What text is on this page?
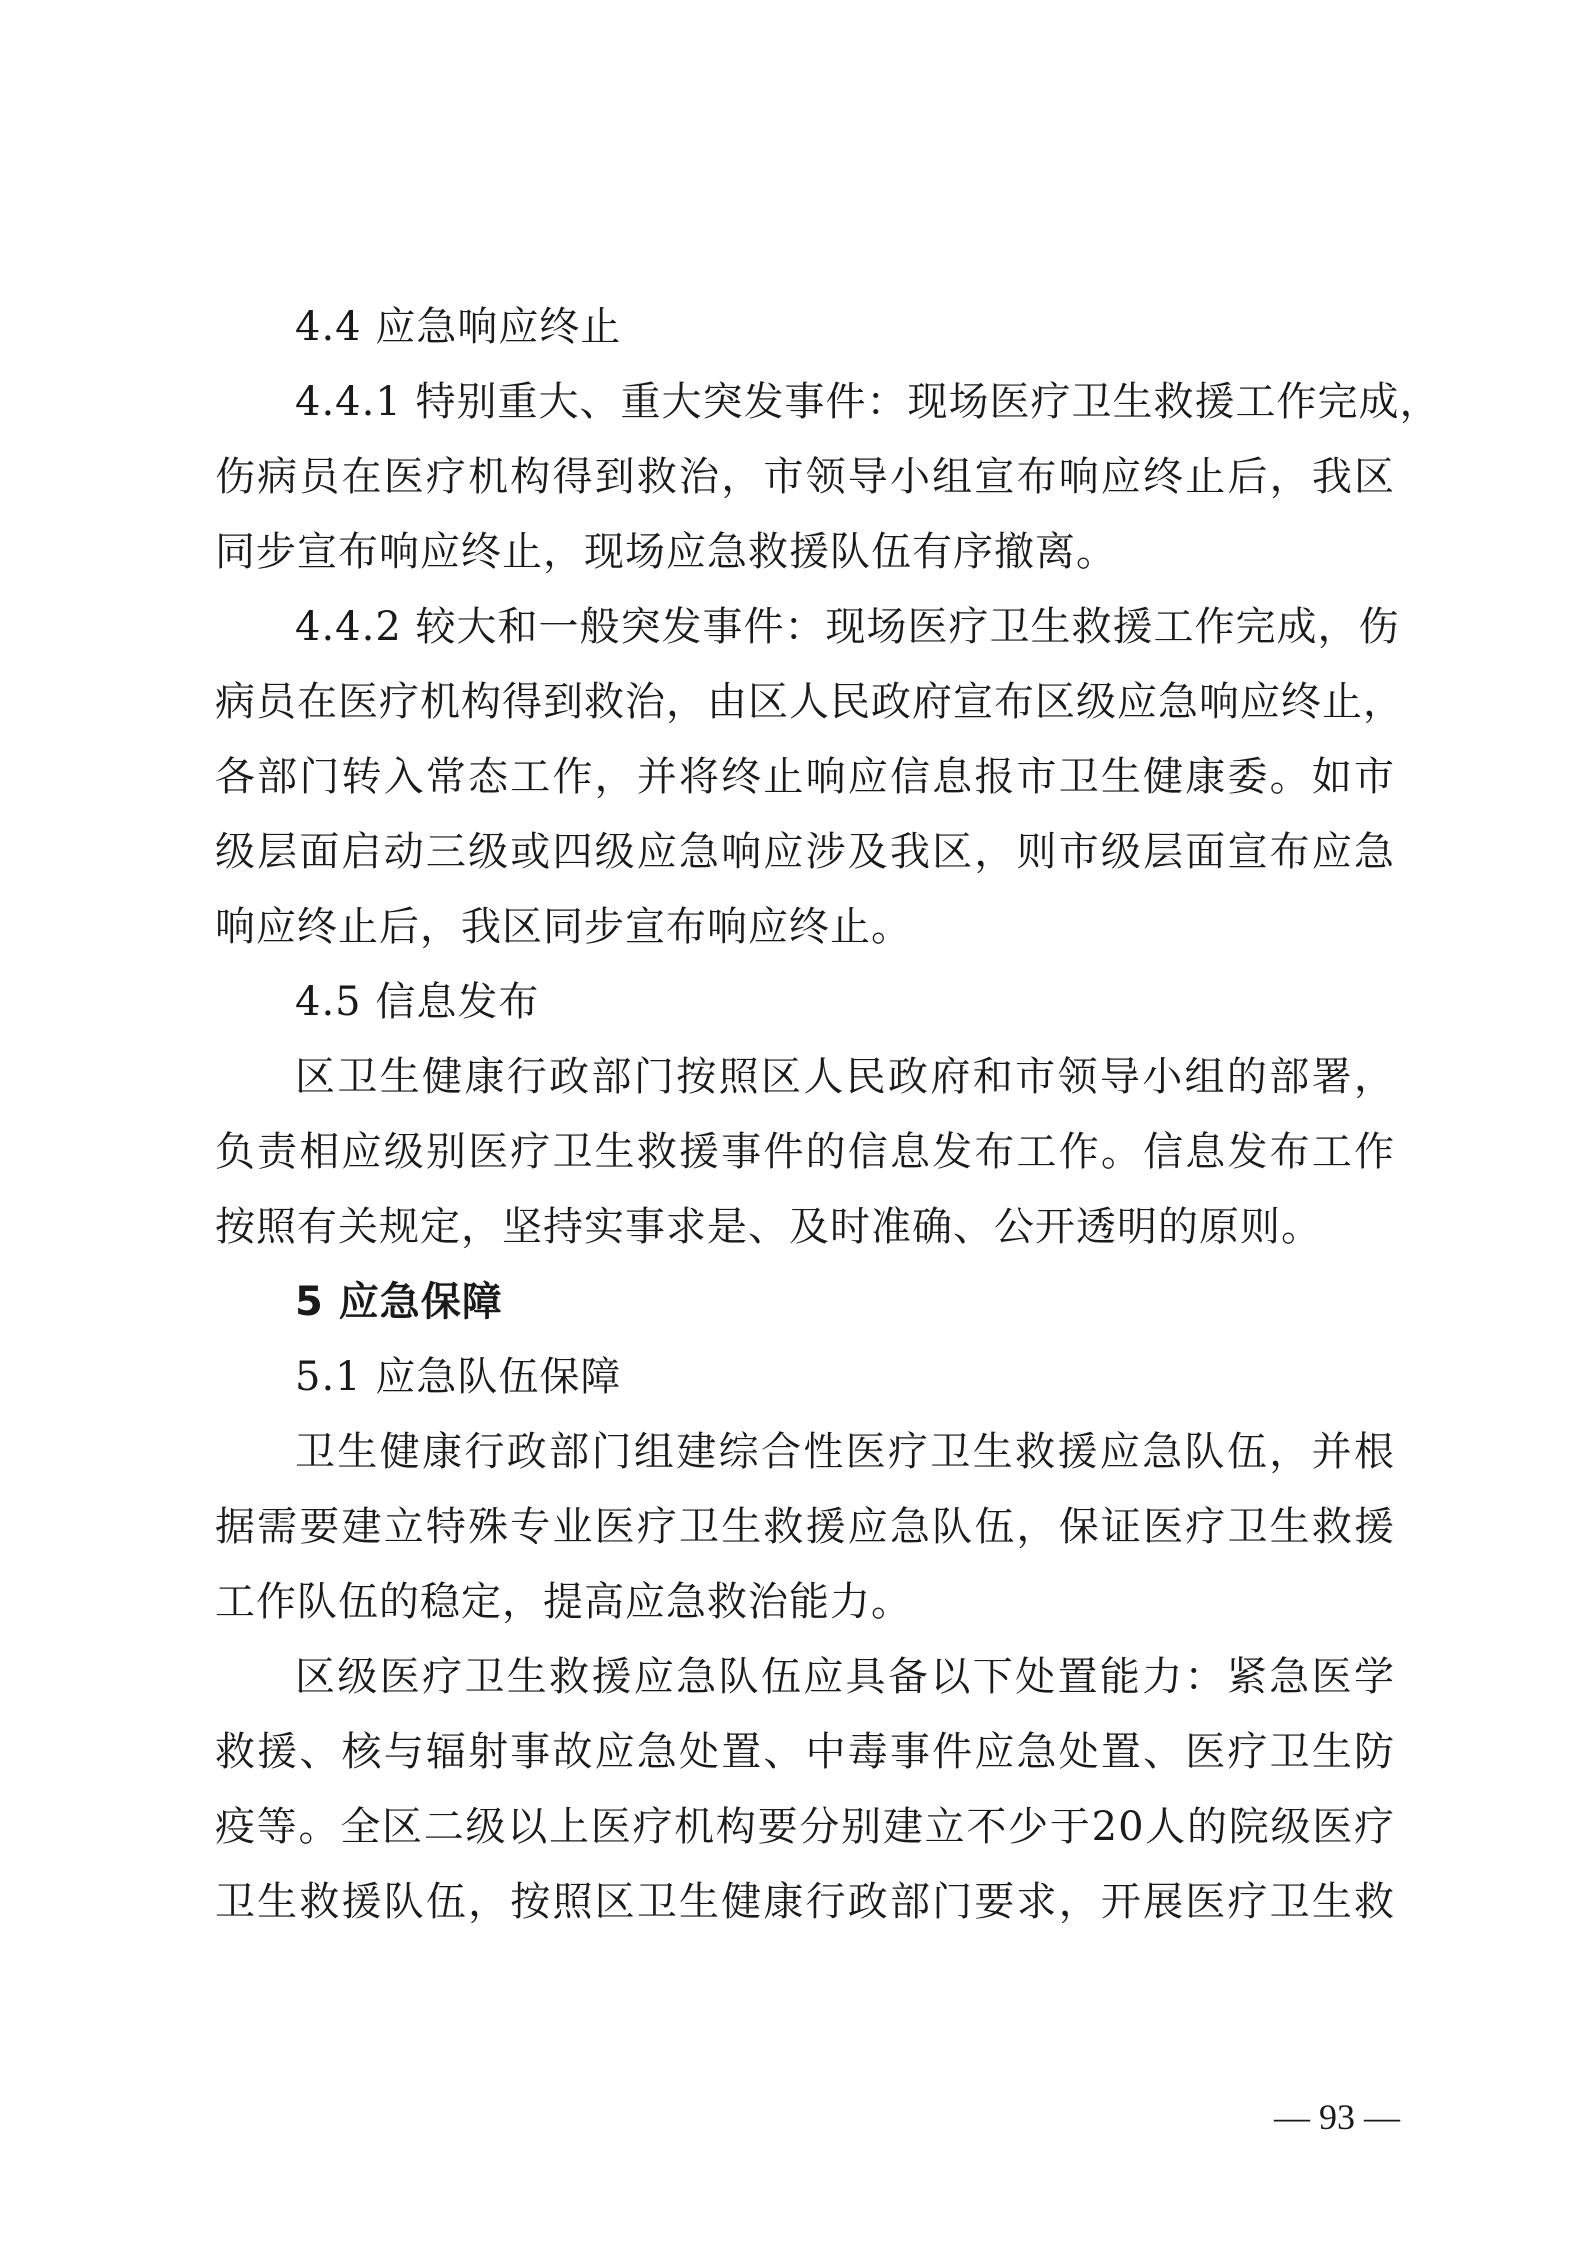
4.4 应急响应终止
4.4.1 特别重大、重大突发事件：现场医疗卫生救援工作完成，
伤病员在医疗机构得到救治，市领导小组宣布响应终止后，我区
同步宣布响应终止，现场应急救援队伍有序撤离。
4.4.2 较大和一般突发事件：现场医疗卫生救援工作完成，伤
病员在医疗机构得到救治，由区人民政府宣布区级应急响应终止，
各部门转入常态工作，并将终止响应信息报市卫生健康委。如市
级层面启动三级或四级应急响应涉及我区，则市级层面宣布应急
响应终止后，我区同步宣布响应终止。
4.5 信息发布
区卫生健康行政部门按照区人民政府和市领导小组的部署，
负责相应级别医疗卫生救援事件的信息发布工作。信息发布工作
按照有关规定，坚持实事求是、及时准确、公开透明的原则。
5 应急保障
5.1 应急队伍保障
卫生健康行政部门组建综合性医疗卫生救援应急队伍，并根
据需要建立特殊专业医疗卫生救援应急队伍，保证医疗卫生救援
工作队伍的稳定，提高应急救治能力。
区级医疗卫生救援应急队伍应具备以下处置能力：紧急医学
救援、核与辐射事故应急处置、中毒事件应急处置、医疗卫生防
疫等。全区二级以上医疗机构要分别建立不少于20人的院级医疗
卫生救援队伍，按照区卫生健康行政部门要求，开展医疗卫生救
— 93 —
